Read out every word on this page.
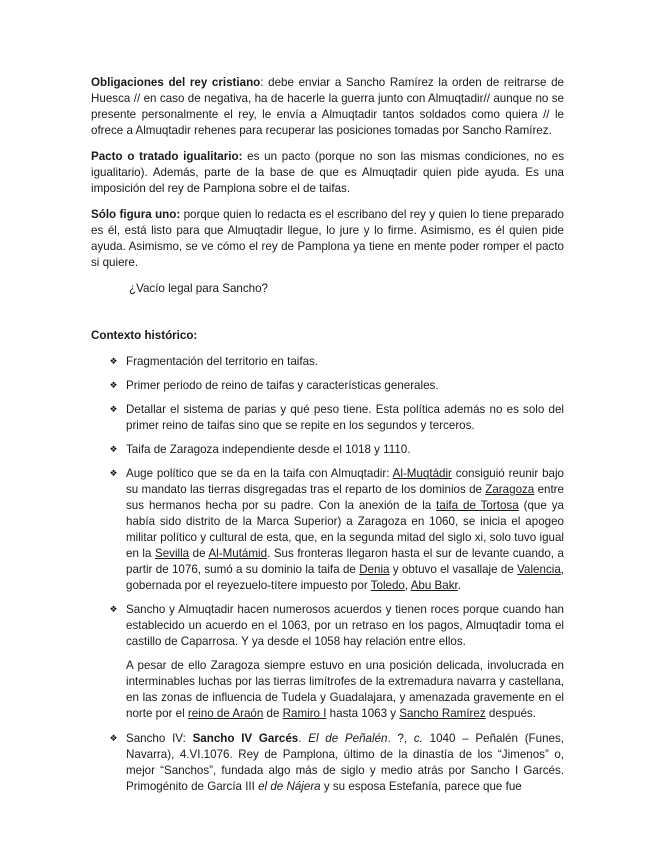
Obligaciones del rey cristiano: debe enviar a Sancho Ramírez la orden de reitrarse de Huesca // en caso de negativa, ha de hacerle la guerra junto con Almuqtadir// aunque no se presente personalmente el rey, le envía a Almuqtadir tantos soldados como quiera // le ofrece a Almuqtadir rehenes para recuperar las posiciones tomadas por Sancho Ramírez.

Pacto o tratado igualitario: es un pacto (porque no son las mismas condiciones, no es igualitario). Además, parte de la base de que es Almuqtadir quien pide ayuda. Es una imposición del rey de Pamplona sobre el de taifas.

Sólo figura uno: porque quien lo redacta es el escribano del rey y quien lo tiene preparado es él, está listo para que Almuqtadir llegue, lo jure y lo firme. Asimismo, es él quien pide ayuda. Asimismo, se ve cómo el rey de Pamplona ya tiene en mente poder romper el pacto si quiere.

¿Vacío legal para Sancho?

Contexto histórico:

❖ Fragmentación del territorio en taifas.
❖ Primer periodo de reino de taifas y características generales.
❖ Detallar el sistema de parias y qué peso tiene. Esta política además no es solo del primer reino de taifas sino que se repite en los segundos y terceros.
❖ Taifa de Zaragoza independiente desde el 1018 y 1110.
❖ Auge político que se da en la taifa con Almuqtadir: Al-Muqtádir consiguió reunir bajo su mandato las tierras disgregadas tras el reparto de los dominios de Zaragoza entre sus hermanos hecha por su padre. Con la anexión de la taifa de Tortosa (que ya había sido distrito de la Marca Superior) a Zaragoza en 1060, se inicia el apogeo militar político y cultural de esta, que, en la segunda mitad del siglo xi, solo tuvo igual en la Sevilla de Al-Mutámid. Sus fronteras llegaron hasta el sur de levante cuando, a partir de 1076, sumó a su dominio la taifa de Denia y obtuvo el vasallaje de Valencia, gobernada por el reyezuelo-títere impuesto por Toledo, Abu Bakr.
❖ Sancho y Almuqtadir hacen numerosos acuerdos y tienen roces porque cuando han establecido un acuerdo en el 1063, por un retraso en los pagos, Almuqtadir toma el castillo de Caparrosa. Y ya desde el 1058 hay relación entre ellos.

A pesar de ello Zaragoza siempre estuvo en una posición delicada, involucrada en interminables luchas por las tierras limítrofes de la extremadura navarra y castellana, en las zonas de influencia de Tudela y Guadalajara, y amenazada gravemente en el norte por el reino de Araón de Ramiro I hasta 1063 y Sancho Ramírez después.

❖ Sancho IV: Sancho IV Garcés. El de Peñalén. ?, c. 1040 – Peñalén (Funes, Navarra), 4.VI.1076. Rey de Pamplona, último de la dinastía de los “Jimenos” o, mejor “Sanchos”, fundada algo más de siglo y medio atrás por Sancho I Garcés. Primogénito de García III el de Nájera y su esposa Estefanía, parece que fue
